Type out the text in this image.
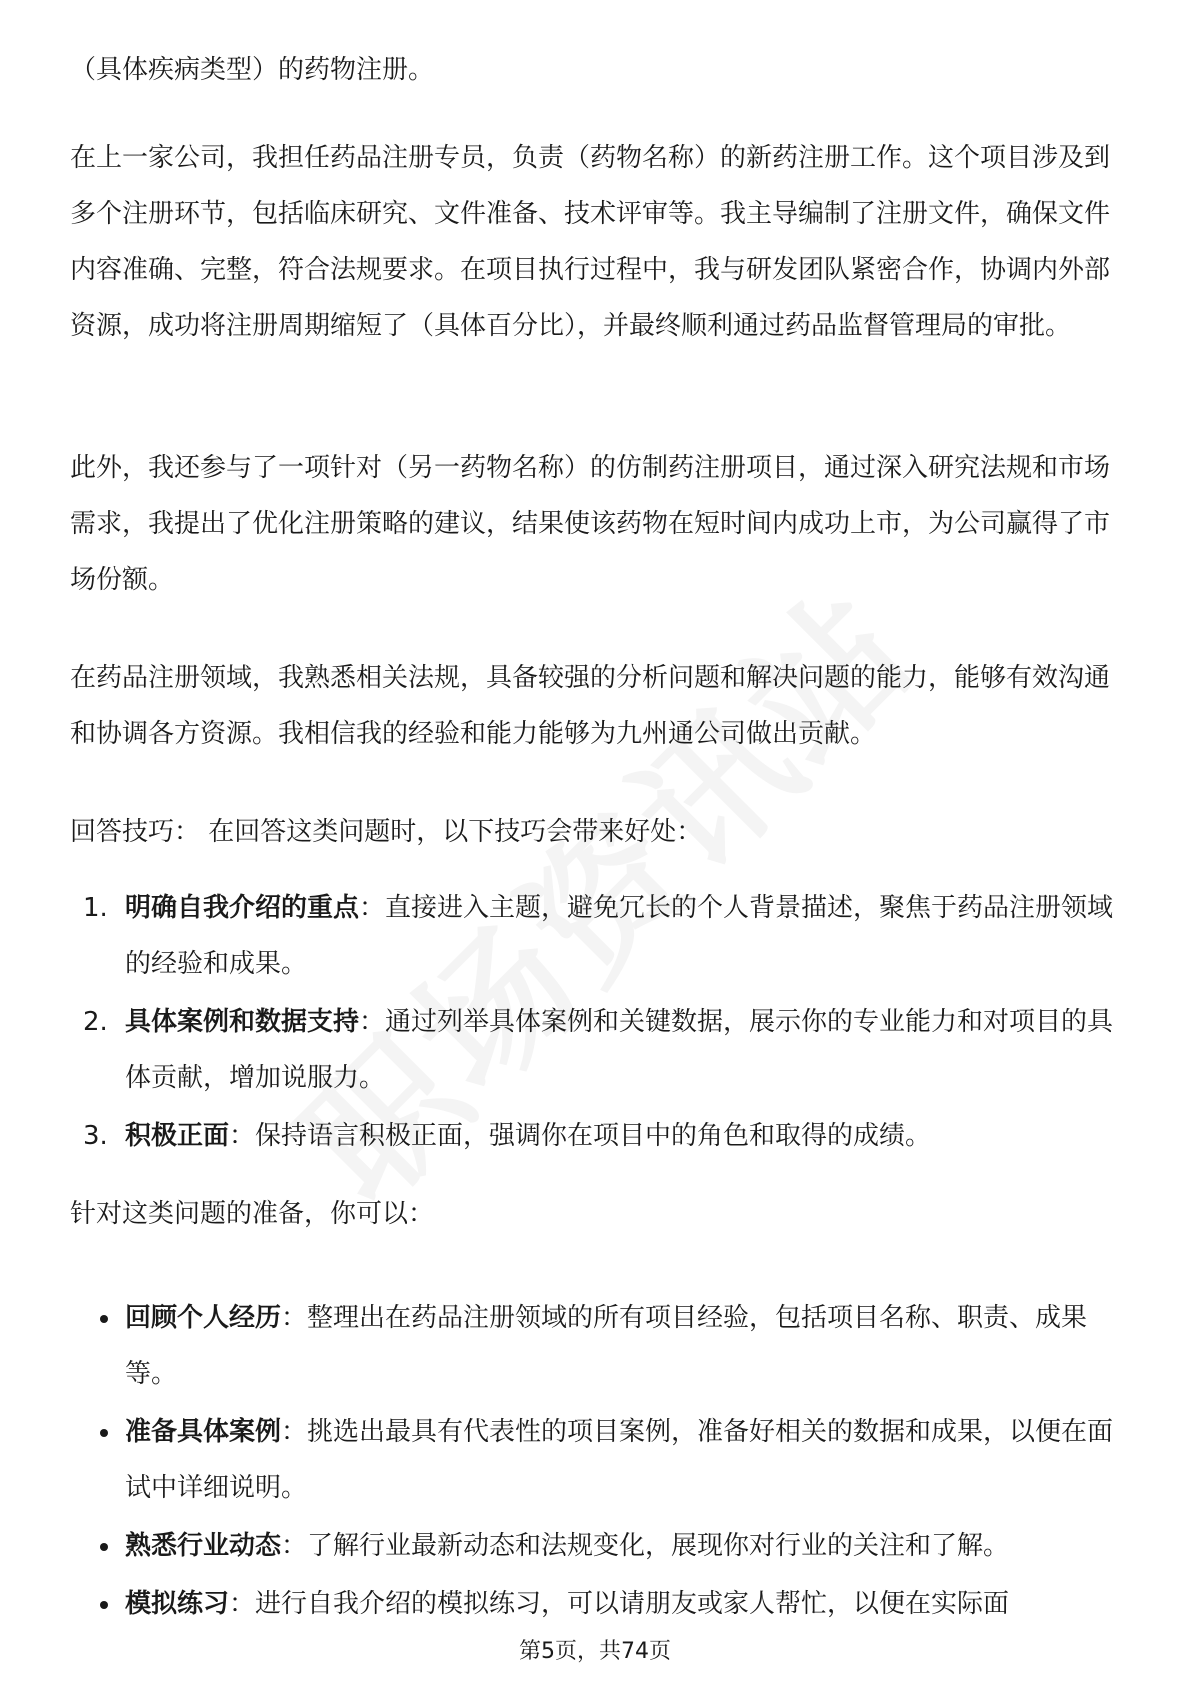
（具体疾病类型）的药物注册。

在上一家公司，我担任药品注册专员，负责（药物名称）的新药注册工作。这个项目涉及到多个注册环节，包括临床研究、文件准备、技术评审等。我主导编制了注册文件，确保文件内容准确、完整，符合法规要求。在项目执行过程中，我与研发团队紧密合作，协调内外部资源，成功将注册周期缩短了（具体百分比），并最终顺利通过药品监督管理局的审批。

此外，我还参与了一项针对（另一药物名称）的仿制药注册项目，通过深入研究法规和市场需求，我提出了优化注册策略的建议，结果使该药物在短时间内成功上市，为公司赢得了市场份额。

在药品注册领域，我熟悉相关法规，具备较强的分析问题和解决问题的能力，能够有效沟通和协调各方资源。我相信我的经验和能力能够为九州通公司做出贡献。

回答技巧： 在回答这类问题时，以下技巧会带来好处：

1. 明确自我介绍的重点：直接进入主题，避免冗长的个人背景描述，聚焦于药品注册领域的经验和成果。
2. 具体案例和数据支持：通过列举具体案例和关键数据，展示你的专业能力和对项目的具体贡献，增加说服力。
3. 积极正面：保持语言积极正面，强调你在项目中的角色和取得的成绩。

针对这类问题的准备，你可以：

回顾个人经历：整理出在药品注册领域的所有项目经验，包括项目名称、职责、成果等。
准备具体案例：挑选出最具有代表性的项目案例，准备好相关的数据和成果，以便在面试中详细说明。
熟悉行业动态：了解行业最新动态和法规变化，展现你对行业的关注和了解。
模拟练习：进行自我介绍的模拟练习，可以请朋友或家人帮忙，以便在实际面
第5页，共74页
